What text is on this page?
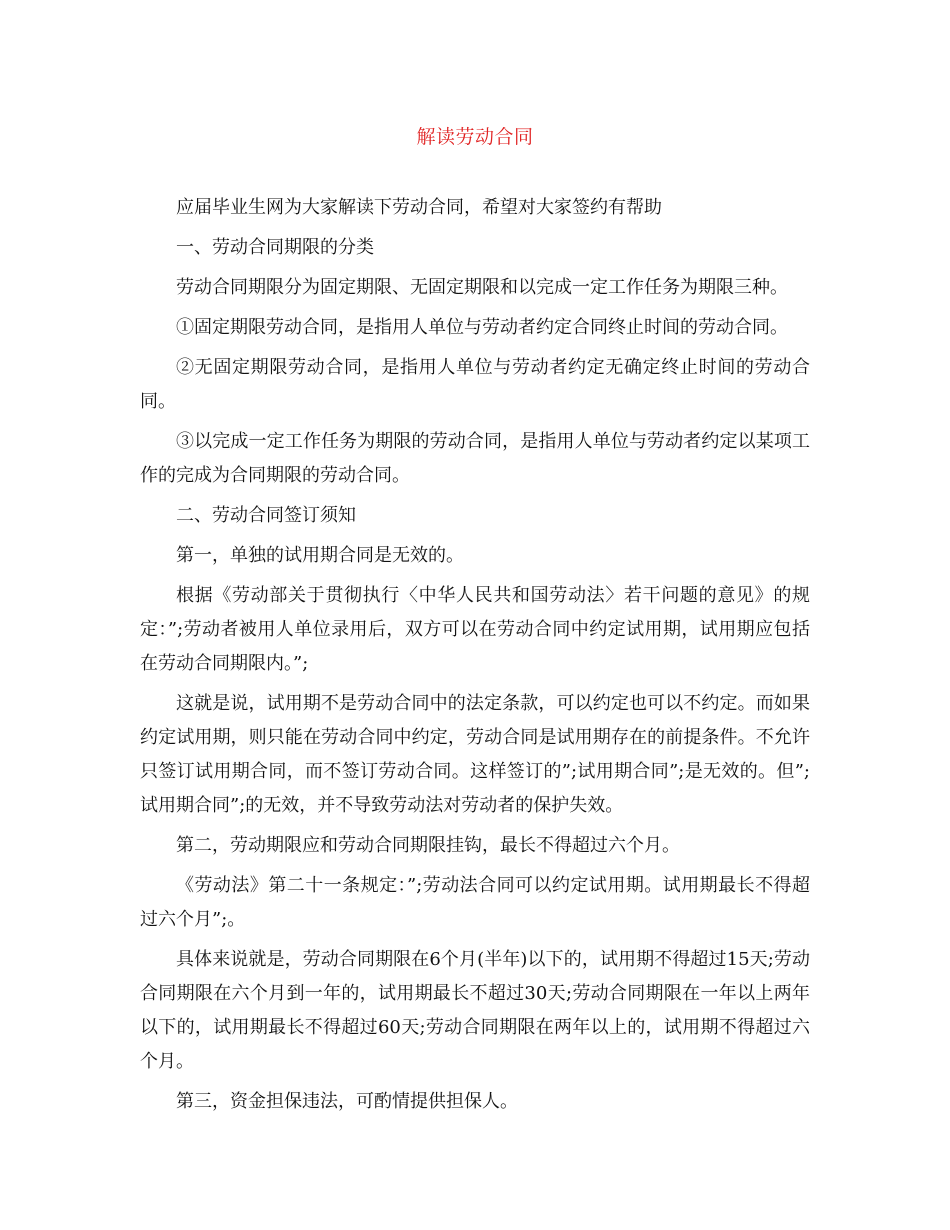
解读劳动合同

应届毕业生网为大家解读下劳动合同，希望对大家签约有帮助

一、劳动合同期限的分类

劳动合同期限分为固定期限、无固定期限和以完成一定工作任务为期限三种。

①固定期限劳动合同，是指用人单位与劳动者约定合同终止时间的劳动合同。

②无固定期限劳动合同，是指用人单位与劳动者约定无确定终止时间的劳动合同。

③以完成一定工作任务为期限的劳动合同，是指用人单位与劳动者约定以某项工作的完成为合同期限的劳动合同。

二、劳动合同签订须知

第一，单独的试用期合同是无效的。

根据《劳动部关于贯彻执行〈中华人民共和国劳动法〉若干问题的意见》的规定：”;劳动者被用人单位录用后，双方可以在劳动合同中约定试用期，试用期应包括在劳动合同期限内。”;

这就是说，试用期不是劳动合同中的法定条款，可以约定也可以不约定。而如果约定试用期，则只能在劳动合同中约定，劳动合同是试用期存在的前提条件。不允许只签订试用期合同，而不签订劳动合同。这样签订的”;试用期合同”;是无效的。但”;试用期合同”;的无效，并不导致劳动法对劳动者的保护失效。

第二，劳动期限应和劳动合同期限挂钩，最长不得超过六个月。

《劳动法》第二十一条规定：”;劳动法合同可以约定试用期。试用期最长不得超过六个月”;。

具体来说就是，劳动合同期限在6个月(半年)以下的，试用期不得超过15天;劳动合同期限在六个月到一年的，试用期最长不超过30天;劳动合同期限在一年以上两年以下的，试用期最长不得超过60天;劳动合同期限在两年以上的，试用期不得超过六个月。

第三，资金担保违法，可酌情提供担保人。
